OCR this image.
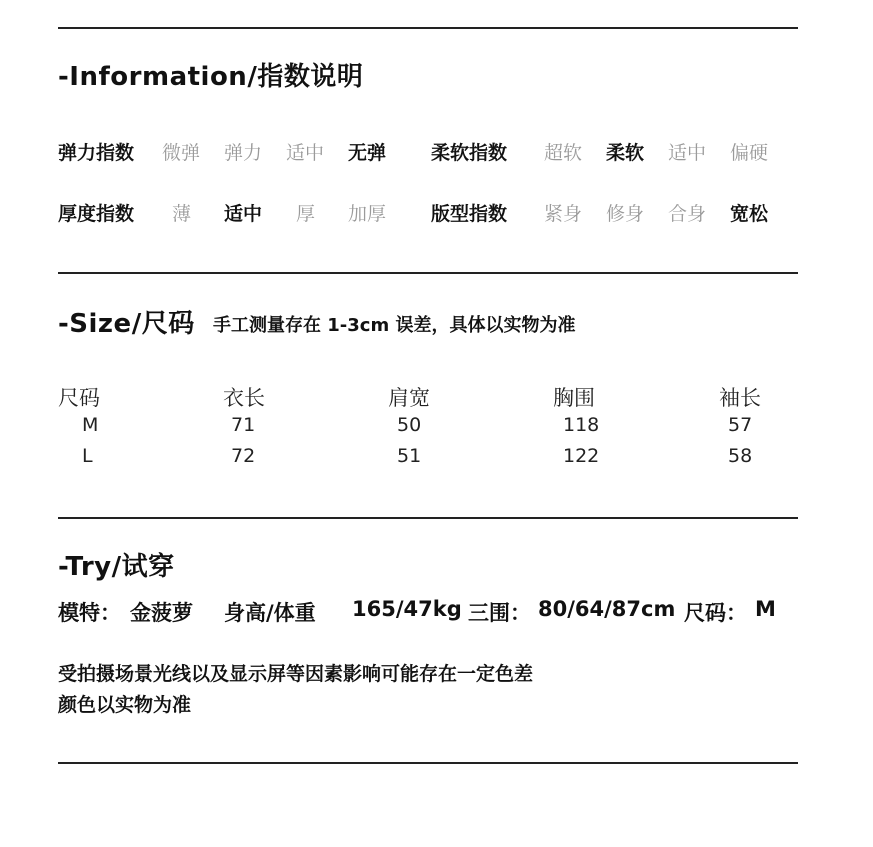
-Information/指数说明
弹力指数 微弹 弹力 适中 无弹 柔软指数 超软 柔软 适中 偏硬
厚度指数 薄 适中 厚 加厚 版型指数 紧身 修身 合身 宽松
-Size/尺码 手工测量存在 1-3cm 误差，具体以实物为准
尺码	衣长	肩宽	胸围	袖长
M	71	50	118	57
L	72	51	122	58
-Try/试穿
模特： 金菠萝 身高/体重 165/47kg 三围： 80/64/87cm 尺码： M
受拍摄场景光线以及显示屏等因素影响可能存在一定色差
颜色以实物为准
